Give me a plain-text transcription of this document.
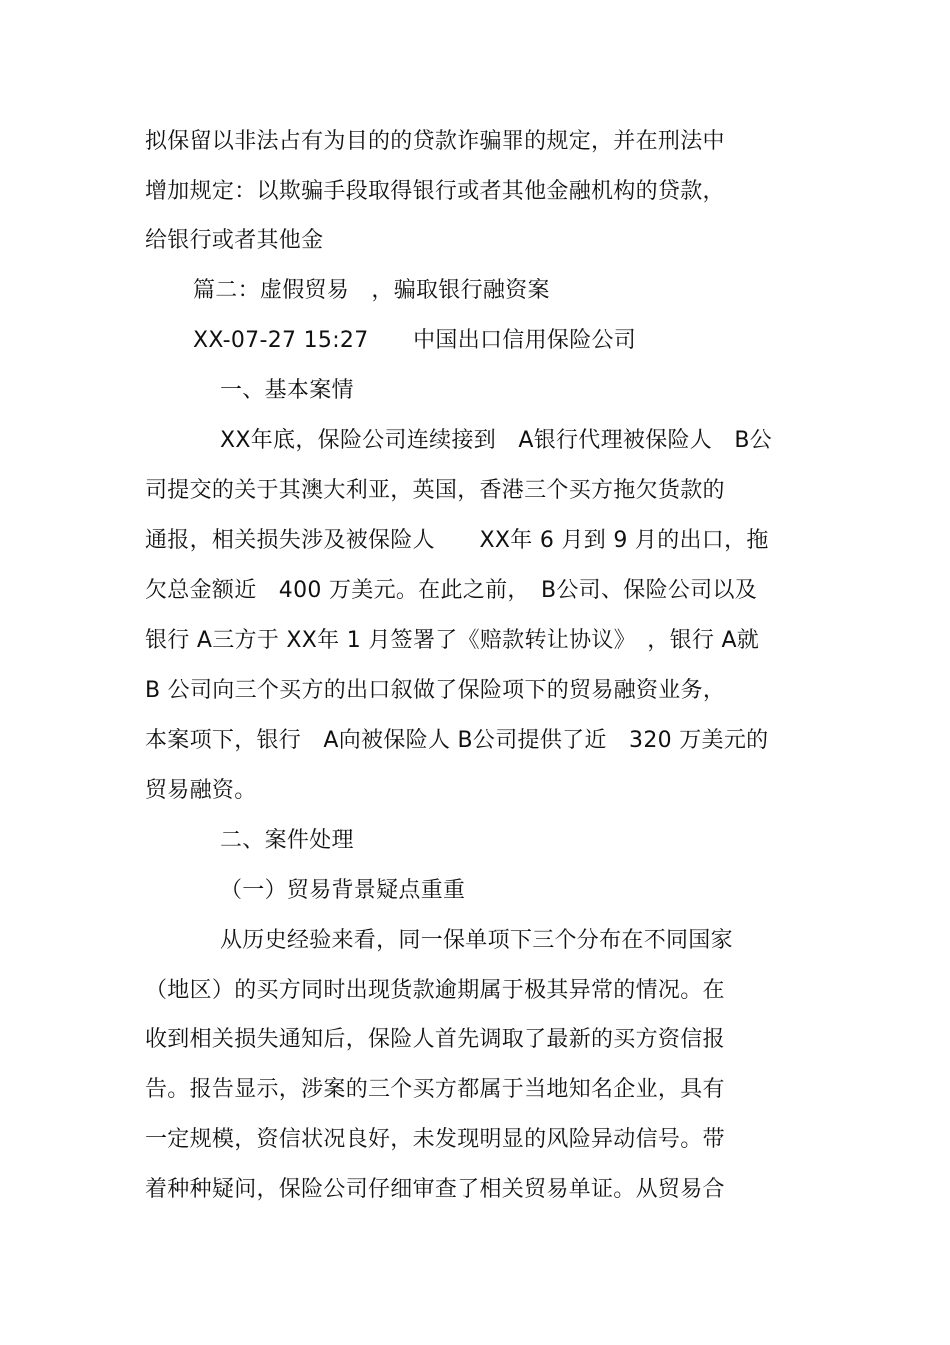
拟保留以非法占有为目的的贷款诈骗罪的规定，并在刑法中
增加规定：以欺骗手段取得银行或者其他金融机构的贷款，
给银行或者其他金
篇二：虚假贸易　，骗取银行融资案
XX-07-27 15:27　　中国出口信用保险公司
一、基本案情
XX年底，保险公司连续接到　A银行代理被保险人　B公
司提交的关于其澳大利亚，英国，香港三个买方拖欠货款的
通报，相关损失涉及被保险人　　XX年 6 月到 9 月的出口，拖
欠总金额近　400 万美元。在此之前，　B公司、保险公司以及
银行 A三方于 XX年 1 月签署了《赔款转让协议》　，银行 A就
B 公司向三个买方的出口叙做了保险项下的贸易融资业务，
本案项下，银行　A向被保险人 B公司提供了近　320 万美元的
贸易融资。
二、案件处理
（一）贸易背景疑点重重
从历史经验来看，同一保单项下三个分布在不同国家
（地区）的买方同时出现货款逾期属于极其异常的情况。在
收到相关损失通知后，保险人首先调取了最新的买方资信报
告。报告显示，涉案的三个买方都属于当地知名企业，具有
一定规模，资信状况良好，未发现明显的风险异动信号。带
着种种疑问，保险公司仔细审查了相关贸易单证。从贸易合
